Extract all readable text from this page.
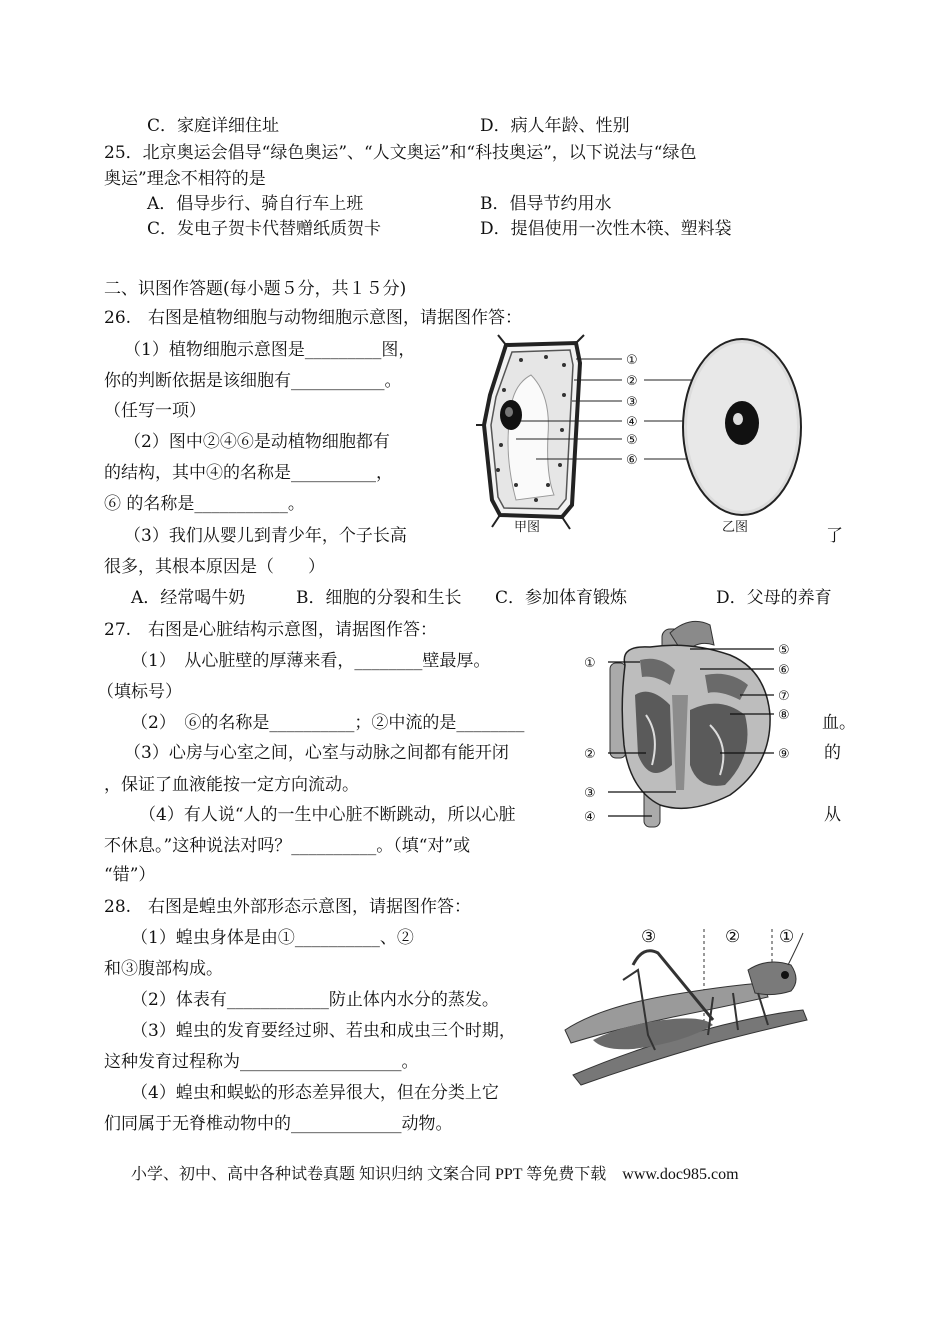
C．家庭详细住址	D．病人年龄、性别
25．北京奥运会倡导“绿色奥运”、“人文奥运”和“科技奥运”，以下说法与“绿色
奥运”理念不相符的是
A．倡导步行、骑自行车上班	B．倡导节约用水
C．发电子贺卡代替赠纸质贺卡	D．提倡使用一次性木筷、塑料袋
二、识图作答题(每小题５分，共１５分)
26.　右图是植物细胞与动物细胞示意图，请据图作答：
（1）植物细胞示意图是_________图，
你的判断依据是该细胞有___________。
（任写一项）
（2）图中②④⑥是动植物细胞都有
的结构，其中④的名称是__________，
⑥ 的名称是___________。
（3）我们从婴儿到青少年，个子长高	了
很多，其根本原因是（　　）
A．经常喝牛奶	B．细胞的分裂和生长 C．参加体育锻炼	D．父母的养育
①
②
③
④
⑤
⑥
甲图	乙图
27.　右图是心脏结构示意图，请据图作答：
（1）　从心脏壁的厚薄来看，________壁最厚。
（填标号）
（2）　⑥的名称是__________；②中流的是________	血。
（3）心房与心室之间，心室与动脉之间都有能开闭	的
，保证了血液能按一定方向流动。
（4）有人说“人的一生中心脏不断跳动，所以心脏	从
不休息。”这种说法对吗？__________。（填“对”或
“错”）
①
②
③
④
⑤
⑥
⑦
⑧
⑨
28.　右图是蝗虫外部形态示意图，请据图作答：
（1）蝗虫身体是由①__________、②
和③腹部构成。
（2）体表有____________防止体内水分的蒸发。
（3）蝗虫的发育要经过卵、若虫和成虫三个时期，
这种发育过程称为___________________。
（4）蝗虫和蜈蚣的形态差异很大，但在分类上它
们同属于无脊椎动物中的_____________动物。
③	② ①
小学、初中、高中各种试卷真题 知识归纳 文案合同 PPT 等免费下载　www.doc985.com
